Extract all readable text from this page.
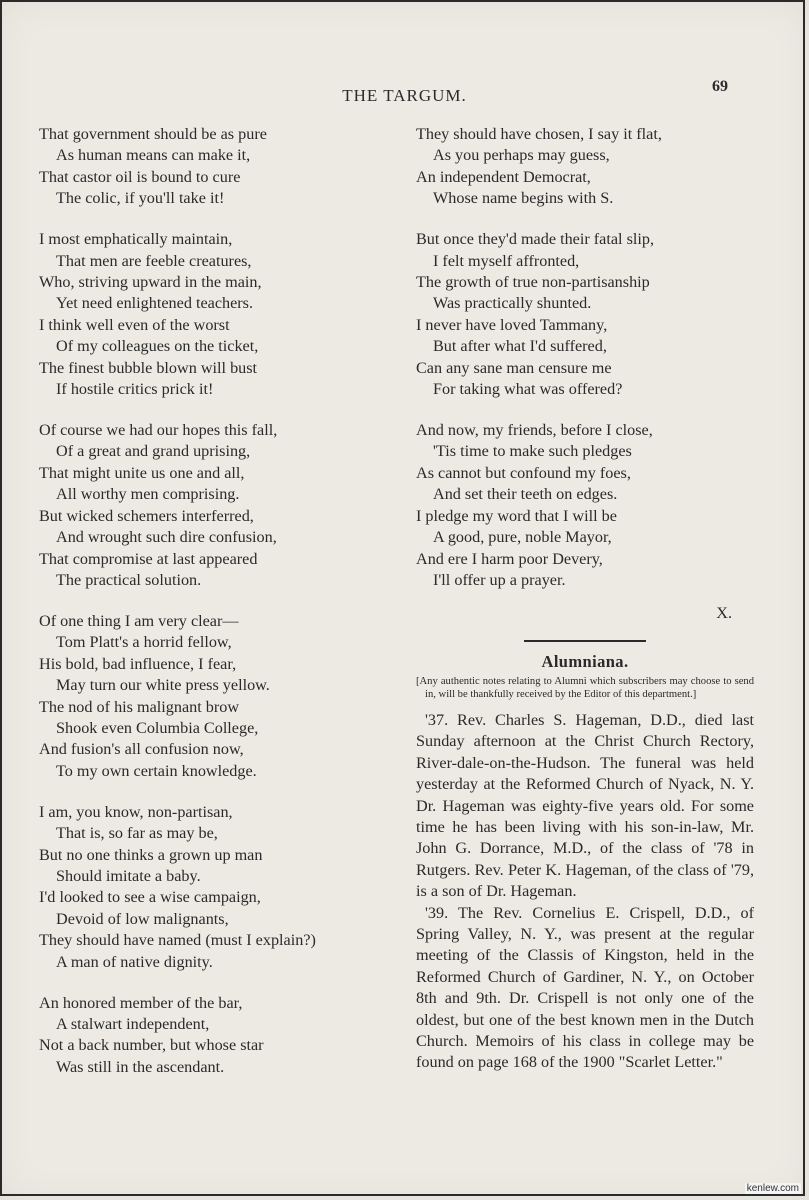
THE TARGUM.	69
That government should be as pure
As human means can make it,
That castor oil is bound to cure
The colic, if you'll take it!
I most emphatically maintain,
That men are feeble creatures,
Who, striving upward in the main,
Yet need enlightened teachers.
I think well even of the worst
Of my colleagues on the ticket,
The finest bubble blown will bust
If hostile critics prick it!
Of course we had our hopes this fall,
Of a great and grand uprising,
That might unite us one and all,
All worthy men comprising.
But wicked schemers interferred,
And wrought such dire confusion,
That compromise at last appeared
The practical solution.
Of one thing I am very clear—
Tom Platt's a horrid fellow,
His bold, bad influence, I fear,
May turn our white press yellow.
The nod of his malignant brow
Shook even Columbia College,
And fusion's all confusion now,
To my own certain knowledge.
I am, you know, non-partisan,
That is, so far as may be,
But no one thinks a grown up man
Should imitate a baby.
I'd looked to see a wise campaign,
Devoid of low malignants,
They should have named (must I explain?)
A man of native dignity.
An honored member of the bar,
A stalwart independent,
Not a back number, but whose star
Was still in the ascendant.
They should have chosen, I say it flat,
As you perhaps may guess,
An independent Democrat,
Whose name begins with S.
But once they'd made their fatal slip,
I felt myself affronted,
The growth of true non-partisanship
Was practically shunted.
I never have loved Tammany,
But after what I'd suffered,
Can any sane man censure me
For taking what was offered?
And now, my friends, before I close,
'Tis time to make such pledges
As cannot but confound my foes,
And set their teeth on edges.
I pledge my word that I will be
A good, pure, noble Mayor,
And ere I harm poor Devery,
I'll offer up a prayer.
X.
Alumniana.
[Any authentic notes relating to Alumni which subscribers may choose to send in, will be thankfully received by the Editor of this department.]

'37. Rev. Charles S. Hageman, D.D., died last Sunday afternoon at the Christ Church Rectory, River-dale-on-the-Hudson. The funeral was held yesterday at the Reformed Church of Nyack, N. Y. Dr. Hageman was eighty-five years old. For some time he has been living with his son-in-law, Mr. John G. Dorrance, M.D., of the class of '78 in Rutgers. Rev. Peter K. Hageman, of the class of '79, is a son of Dr. Hageman.

'39. The Rev. Cornelius E. Crispell, D.D., of Spring Valley, N. Y., was present at the regular meeting of the Classis of Kingston, held in the Reformed Church of Gardiner, N. Y., on October 8th and 9th. Dr. Crispell is not only one of the oldest, but one of the best known men in the Dutch Church. Memoirs of his class in college may be found on page 168 of the 1900 "Scarlet Letter."

kenlew.com
